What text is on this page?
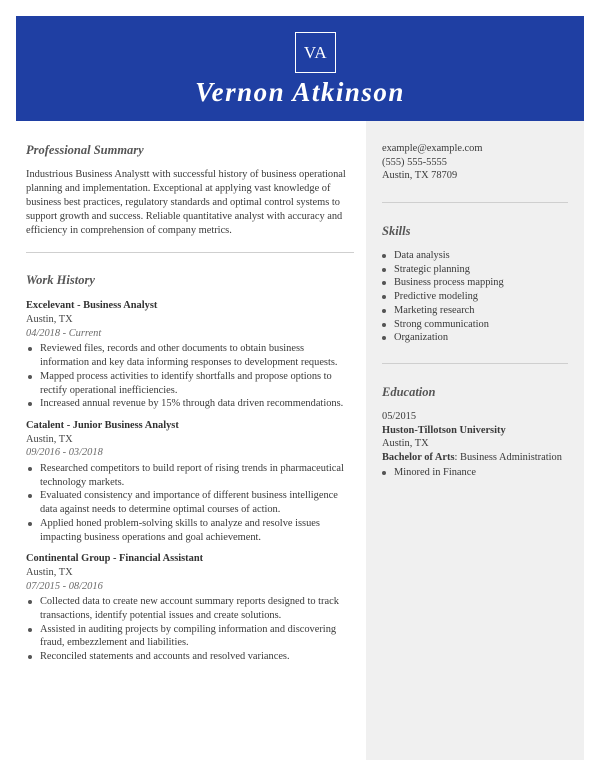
VA
Vernon Atkinson
example@example.com
(555) 555-5555
Austin, TX 78709
Skills
Data analysis
Strategic planning
Business process mapping
Predictive modeling
Marketing research
Strong communication
Organization
Education
05/2015
Huston-Tillotson University
Austin, TX
Bachelor of Arts: Business Administration
Minored in Finance
Professional Summary
Industrious Business Analystt with successful history of business operational planning and implementation. Exceptional at applying vast knowledge of business best practices, regulatory standards and optimal control systems to support growth and success. Reliable quantitative analyst with accuracy and efficiency in comprehension of company metrics.
Work History
Excelevant - Business Analyst
Austin, TX
04/2018 - Current
Reviewed files, records and other documents to obtain business information and key data informing responses to development requests.
Mapped process activities to identify shortfalls and propose options to rectify operational inefficiencies.
Increased annual revenue by 15% through data driven recommendations.
Catalent - Junior Business Analyst
Austin, TX
09/2016 - 03/2018
Researched competitors to build report of rising trends in pharmaceutical technology markets.
Evaluated consistency and importance of different business intelligence data against needs to determine optimal courses of action.
Applied honed problem-solving skills to analyze and resolve issues impacting business operations and goal achievement.
Continental Group - Financial Assistant
Austin, TX
07/2015 - 08/2016
Collected data to create new account summary reports designed to track transactions, identify potential issues and create solutions.
Assisted in auditing projects by compiling information and discovering fraud, embezzlement and liabilities.
Reconciled statements and accounts and resolved variances.
